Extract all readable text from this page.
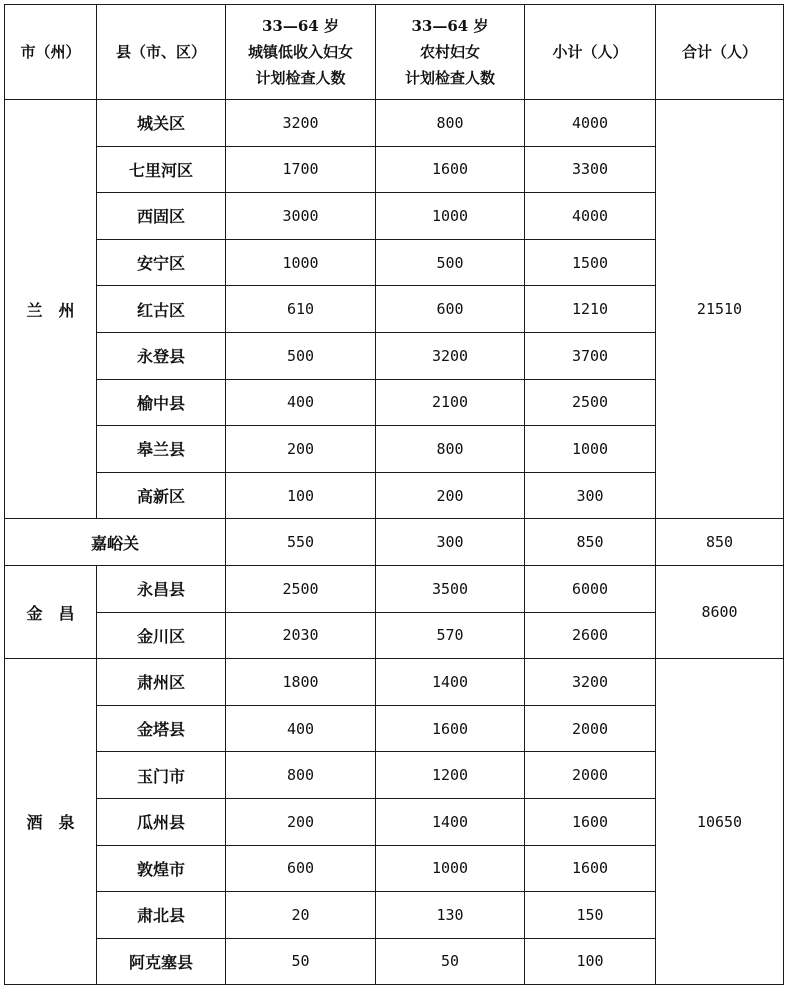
市（州）	县（市、区）	33—64 岁
城镇低收入妇女
计划检查人数	33—64 岁
农村妇女
计划检查人数	小计（人）	合计（人）
兰　州	城关区	3200	800	4000	21510
	七里河区	1700	1600	3300	
	西固区	3000	1000	4000	
	安宁区	1000	500	1500	
	红古区	610	600	1210	
	永登县	500	3200	3700	
	榆中县	400	2100	2500	
	皋兰县	200	800	1000	
	高新区	100	200	300	
嘉峪关		550	300	850	850
金　昌	永昌县	2500	3500	6000	8600
	金川区	2030	570	2600	
酒　泉	肃州区	1800	1400	3200	10650
	金塔县	400	1600	2000	
	玉门市	800	1200	2000	
	瓜州县	200	1400	1600	
	敦煌市	600	1000	1600	
	肃北县	20	130	150	
	阿克塞县	50	50	100	
